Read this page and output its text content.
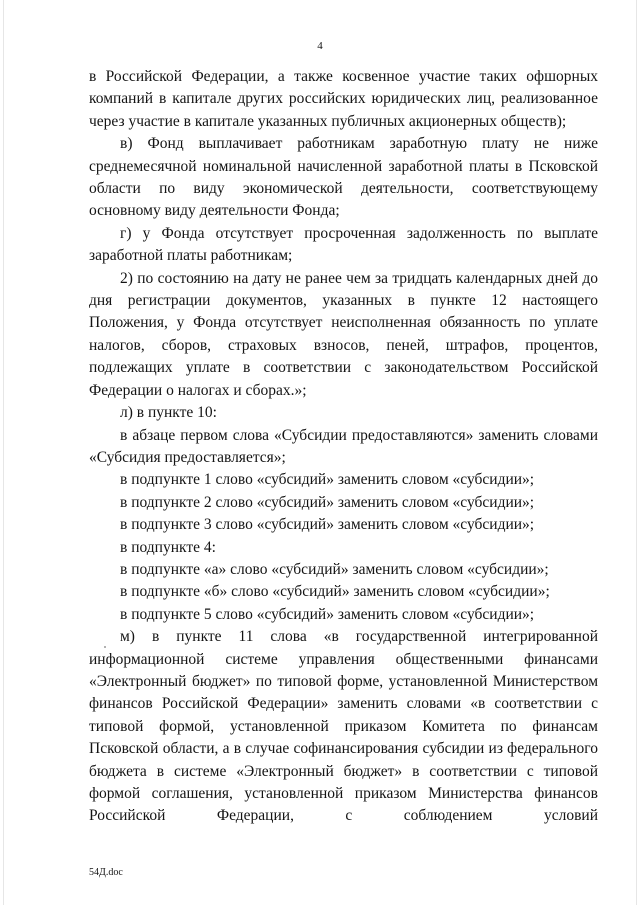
4

в Российской Федерации, а также косвенное участие таких офшорных компаний в капитале других российских юридических лиц, реализованное через участие в капитале указанных публичных акционерных обществ);

в) Фонд выплачивает работникам заработную плату не ниже среднемесячной номинальной начисленной заработной платы в Псковской области по виду экономической деятельности, соответствующему основному виду деятельности Фонда;

г) у Фонда отсутствует просроченная задолженность по выплате заработной платы работникам;

2) по состоянию на дату не ранее чем за тридцать календарных дней до дня регистрации документов, указанных в пункте 12 настоящего Положения, у Фонда отсутствует неисполненная обязанность по уплате налогов, сборов, страховых взносов, пеней, штрафов, процентов, подлежащих уплате в соответствии с законодательством Российской Федерации о налогах и сборах.»;

л) в пункте 10:

в абзаце первом слова «Субсидии предоставляются» заменить словами «Субсидия предоставляется»;

в подпункте 1 слово «субсидий» заменить словом «субсидии»;

в подпункте 2 слово «субсидий» заменить словом «субсидии»;

в подпункте 3 слово «субсидий» заменить словом «субсидии»;

в подпункте 4:

в подпункте «а» слово «субсидий» заменить словом «субсидии»;

в подпункте «б» слово «субсидий» заменить словом «субсидии»;

в подпункте 5 слово «субсидий» заменить словом «субсидии»;

м) в пункте 11 слова «в государственной интегрированной информационной системе управления общественными финансами «Электронный бюджет» по типовой форме, установленной Министерством финансов Российской Федерации» заменить словами «в соответствии с типовой формой, установленной приказом Комитета по финансам Псковской области, а в случае софинансирования субсидии из федерального бюджета в системе «Электронный бюджет» в соответствии с типовой формой соглашения, установленной приказом Министерства финансов Российской Федерации, с соблюдением условий

54Д.doc
